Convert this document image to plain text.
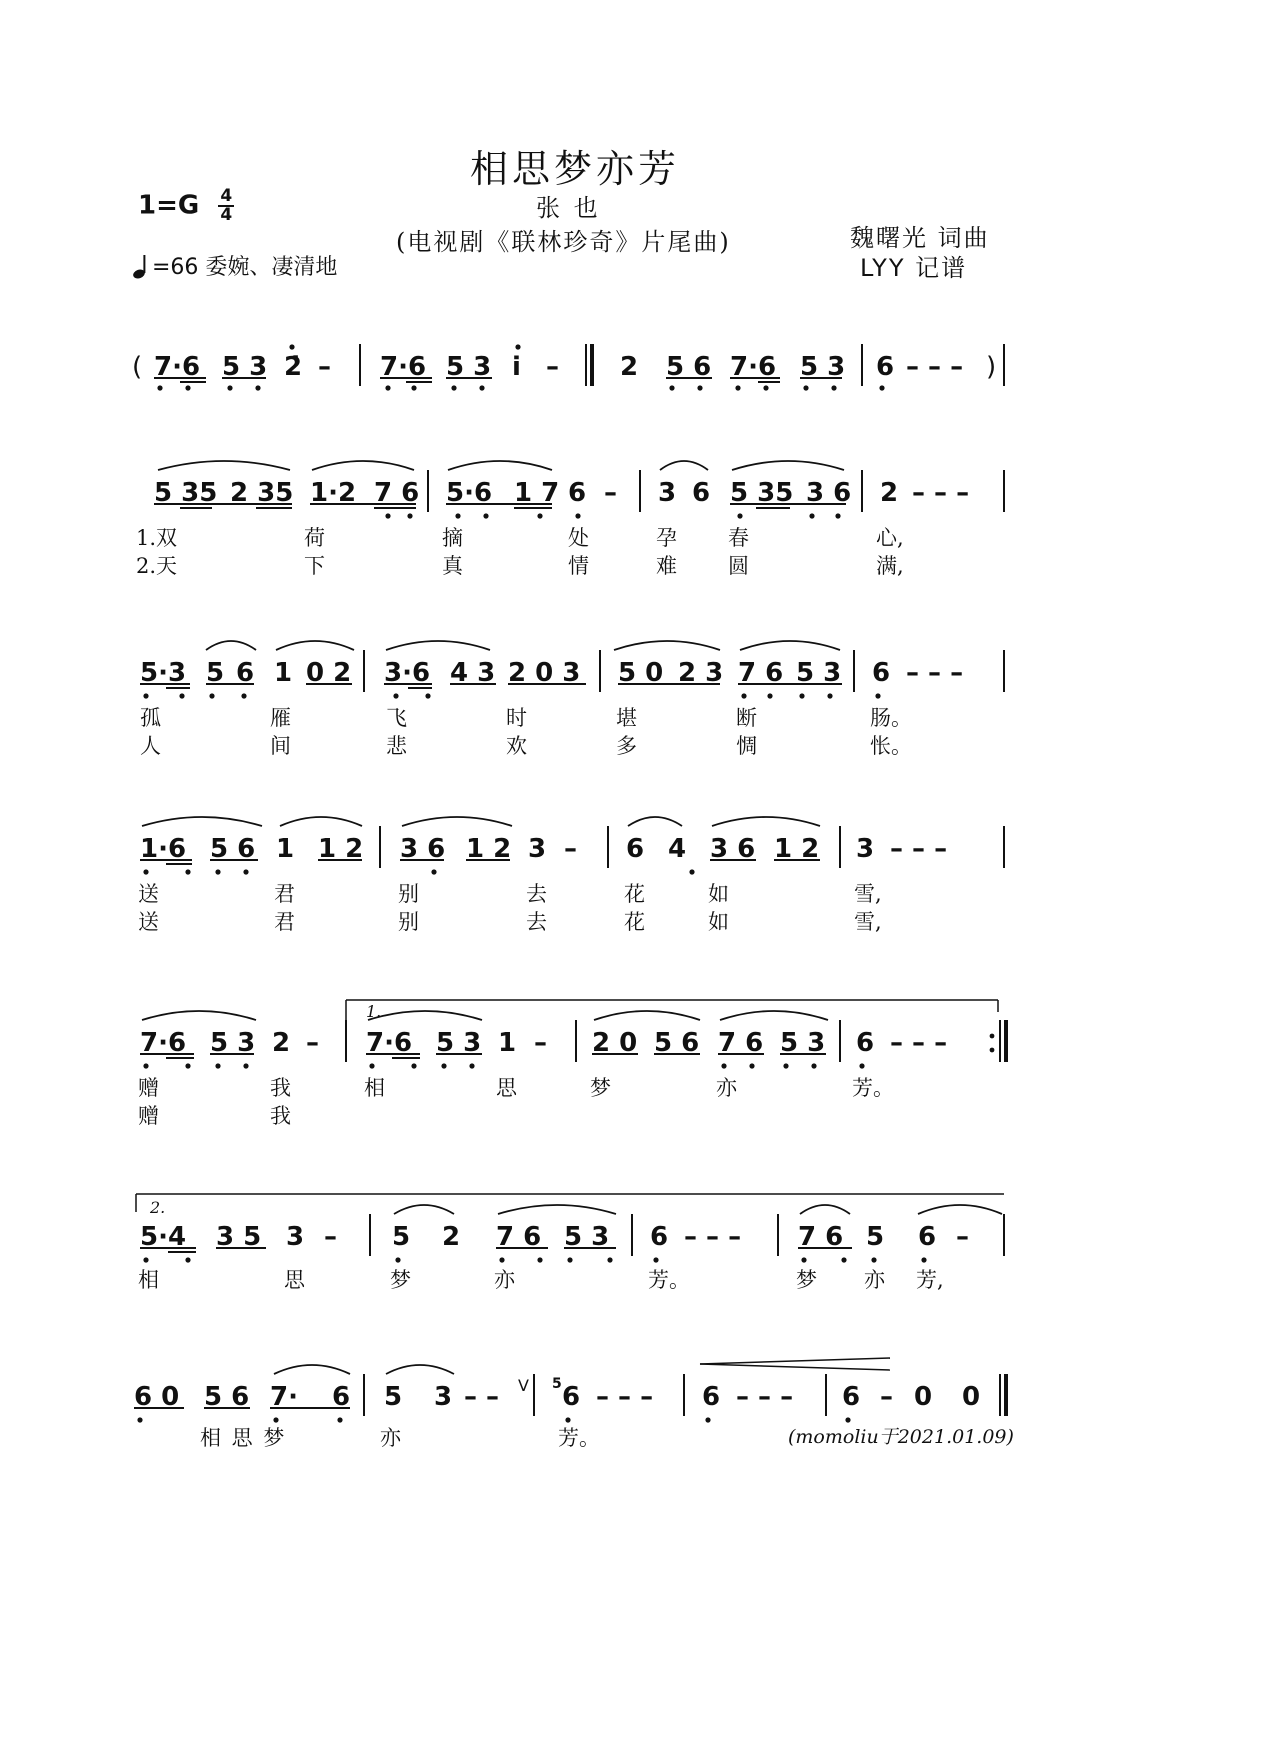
相思梦亦芳
张 也
(电视剧《联林珍奇》片尾曲)
$1=G \frac{4}{4}$
=66 委婉、凄清地
魏曙光 词曲
LYY 记谱
( 7·6 5 3 2̇ – 7·6 5 3 i – 2 5 6 7·6 5 3 6 – – – )
5 35 2 35 1·2 7 6 5·6 1 7 6 – 3 6 5 35 3 6 2 – – –
1.双	荷	摘	处	孕 春	心,
2.天	下	真	情	难 圆	满,
5·3 5 6 1 0 2 3·6 4 3 2 0 3 5 0 2 3 7 6 5 3 6 – – –
孤	雁	飞	时	堪	断	肠。
人	间	悲	欢	多	惆	怅。
1·6 5 6 1 1 2 3 6 1 2 3 – 6 4 3 6 1 2 3 – – –
送	君	别	去	花	如	雪,
送	君	别	去	花	如	雪,
1.
7·6 5 3 2 – 7·6 5 3 1 – 2 0 5 6 7 6 5 3 6 – – –
赠	我	相	思	梦	亦	芳。
赠	我
2.
5·4 3 5 3 – 5 2 7 6 5 3 6 – – – 7 6 5 6 –
相	思	梦	亦	芳。	梦 亦 芳,
6 0 5 6 7· 6 5 3 – – V 5 6 – – – 6 – – – 6 – 0 0
相 思 梦	亦	芳。	(momoliu于2021.01.09)
